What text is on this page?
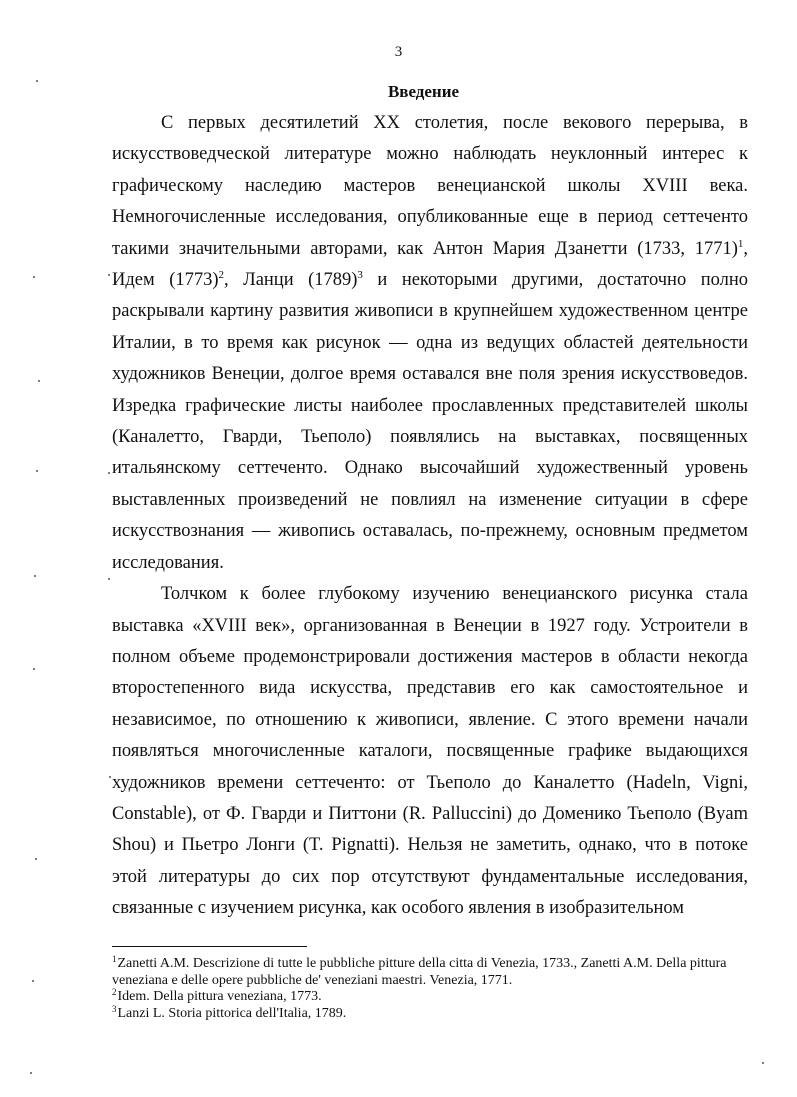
3
Введение

С первых десятилетий XX столетия, после векового перерыва, в искусствоведческой литературе можно наблюдать неуклонный интерес к графическому наследию мастеров венецианской школы XVIII века. Немногочисленные исследования, опубликованные еще в период сеттеченто такими значительными авторами, как Антон Мария Дзанетти (1733, 1771)$^1$, Идем (1773)$^2$, Ланци (1789)$^3$ и некоторыми другими, достаточно полно раскрывали картину развития живописи в крупнейшем художественном центре Италии, в то время как рисунок — одна из ведущих областей деятельности художников Венеции, долгое время оставался вне поля зрения искусствоведов. Изредка графические листы наиболее прославленных представителей школы (Каналетто, Гварди, Тьеполо) появлялись на выставках, посвященных итальянскому сеттеченто. Однако высочайший художественный уровень выставленных произведений не повлиял на изменение ситуации в сфере искусствознания — живопись оставалась, по-прежнему, основным предметом исследования.

Толчком к более глубокому изучению венецианского рисунка стала выставка «XVIII век», организованная в Венеции в 1927 году. Устроители в полном объеме продемонстрировали достижения мастеров в области некогда второстепенного вида искусства, представив его как самостоятельное и независимое, по отношению к живописи, явление. С этого времени начали появляться многочисленные каталоги, посвященные графике выдающихся художников времени сеттеченто: от Тьеполо до Каналетто (Hadeln, Vigni, Constable), от Ф. Гварди и Питтони (R. Palluccini) до Доменико Тьеполо (Byam Shou) и Пьетро Лонги (T. Pignatti). Нельзя не заметить, однако, что в потоке этой литературы до сих пор отсутствуют фундаментальные исследования, связанные с изучением рисунка, как особого явления в изобразительном

$^1$Zanetti A.M. Descrizione di tutte le pubbliche pitture della citta di Venezia, 1733., Zanetti A.M. Della pittura veneziana e delle opere pubbliche de' veneziani maestri. Venezia, 1771.

$^2$Idem. Della pittura veneziana, 1773.

$^3$Lanzi L. Storia pittorica dell'Italia, 1789.
